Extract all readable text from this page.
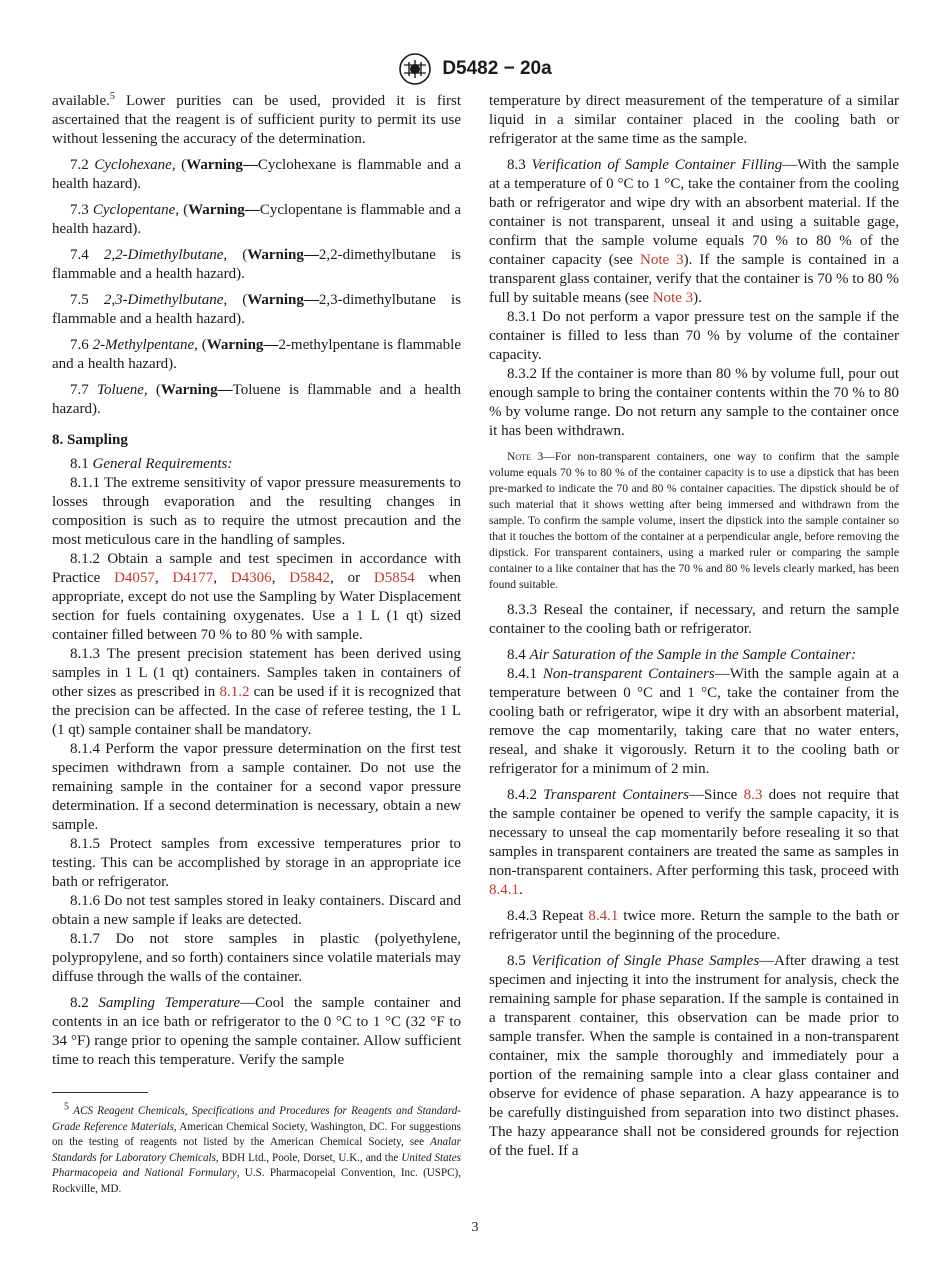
D5482 − 20a

available.$^5$ Lower purities can be used, provided it is first ascertained that the reagent is of sufficient purity to permit its use without lessening the accuracy of the determination.

7.2 Cyclohexane, (Warning—Cyclohexane is flammable and a health hazard).

7.3 Cyclopentane, (Warning—Cyclopentane is flammable and a health hazard).

7.4 2,2-Dimethylbutane, (Warning—2,2-dimethylbutane is flammable and a health hazard).

7.5 2,3-Dimethylbutane, (Warning—2,3-dimethylbutane is flammable and a health hazard).

7.6 2-Methylpentane, (Warning—2-methylpentane is flammable and a health hazard).

7.7 Toluene, (Warning—Toluene is flammable and a health hazard).

8. Sampling

8.1 General Requirements:

8.1.1 The extreme sensitivity of vapor pressure measurements to losses through evaporation and the resulting changes in composition is such as to require the utmost precaution and the most meticulous care in the handling of samples.

8.1.2 Obtain a sample and test specimen in accordance with Practice D4057, D4177, D4306, D5842, or D5854 when appropriate, except do not use the Sampling by Water Displacement section for fuels containing oxygenates. Use a 1 L (1 qt) sized container filled between 70 % to 80 % with sample.

8.1.3 The present precision statement has been derived using samples in 1 L (1 qt) containers. Samples taken in containers of other sizes as prescribed in 8.1.2 can be used if it is recognized that the precision can be affected. In the case of referee testing, the 1 L (1 qt) sample container shall be mandatory.

8.1.4 Perform the vapor pressure determination on the first test specimen withdrawn from a sample container. Do not use the remaining sample in the container for a second vapor pressure determination. If a second determination is necessary, obtain a new sample.

8.1.5 Protect samples from excessive temperatures prior to testing. This can be accomplished by storage in an appropriate ice bath or refrigerator.

8.1.6 Do not test samples stored in leaky containers. Discard and obtain a new sample if leaks are detected.

8.1.7 Do not store samples in plastic (polyethylene, polypropylene, and so forth) containers since volatile materials may diffuse through the walls of the container.

8.2 Sampling Temperature—Cool the sample container and contents in an ice bath or refrigerator to the 0 °C to 1 °C (32 °F to 34 °F) range prior to opening the sample container. Allow sufficient time to reach this temperature. Verify the sample

$^5$ ACS Reagent Chemicals, Specifications and Procedures for Reagents and Standard-Grade Reference Materials, American Chemical Society, Washington, DC. For suggestions on the testing of reagents not listed by the American Chemical Society, see Analar Standards for Laboratory Chemicals, BDH Ltd., Poole, Dorset, U.K., and the United States Pharmacopeia and National Formulary, U.S. Pharmacopeial Convention, Inc. (USPC), Rockville, MD.

temperature by direct measurement of the temperature of a similar liquid in a similar container placed in the cooling bath or refrigerator at the same time as the sample.

8.3 Verification of Sample Container Filling—With the sample at a temperature of 0 °C to 1 °C, take the container from the cooling bath or refrigerator and wipe dry with an absorbent material. If the container is not transparent, unseal it and using a suitable gage, confirm that the sample volume equals 70 % to 80 % of the container capacity (see Note 3). If the sample is contained in a transparent glass container, verify that the container is 70 % to 80 % full by suitable means (see Note 3).

8.3.1 Do not perform a vapor pressure test on the sample if the container is filled to less than 70 % by volume of the container capacity.

8.3.2 If the container is more than 80 % by volume full, pour out enough sample to bring the container contents within the 70 % to 80 % by volume range. Do not return any sample to the container once it has been withdrawn.

Note 3—For non-transparent containers, one way to confirm that the sample volume equals 70 % to 80 % of the container capacity is to use a dipstick that has been pre-marked to indicate the 70 and 80 % container capacities. The dipstick should be of such material that it shows wetting after being immersed and withdrawn from the sample. To confirm the sample volume, insert the dipstick into the sample container so that it touches the bottom of the container at a perpendicular angle, before removing the dipstick. For transparent containers, using a marked ruler or comparing the sample container to a like container that has the 70 % and 80 % levels clearly marked, has been found suitable.

8.3.3 Reseal the container, if necessary, and return the sample container to the cooling bath or refrigerator.

8.4 Air Saturation of the Sample in the Sample Container:

8.4.1 Non-transparent Containers—With the sample again at a temperature between 0 °C and 1 °C, take the container from the cooling bath or refrigerator, wipe it dry with an absorbent material, remove the cap momentarily, taking care that no water enters, reseal, and shake it vigorously. Return it to the cooling bath or refrigerator for a minimum of 2 min.

8.4.2 Transparent Containers—Since 8.3 does not require that the sample container be opened to verify the sample capacity, it is necessary to unseal the cap momentarily before resealing it so that samples in transparent containers are treated the same as samples in non-transparent containers. After performing this task, proceed with 8.4.1.

8.4.3 Repeat 8.4.1 twice more. Return the sample to the bath or refrigerator until the beginning of the procedure.

8.5 Verification of Single Phase Samples—After drawing a test specimen and injecting it into the instrument for analysis, check the remaining sample for phase separation. If the sample is contained in a transparent container, this observation can be made prior to sample transfer. When the sample is contained in a non-transparent container, mix the sample thoroughly and immediately pour a portion of the remaining sample into a clear glass container and observe for evidence of phase separation. A hazy appearance is to be carefully distinguished from separation into two distinct phases. The hazy appearance shall not be considered grounds for rejection of the fuel. If a

3
